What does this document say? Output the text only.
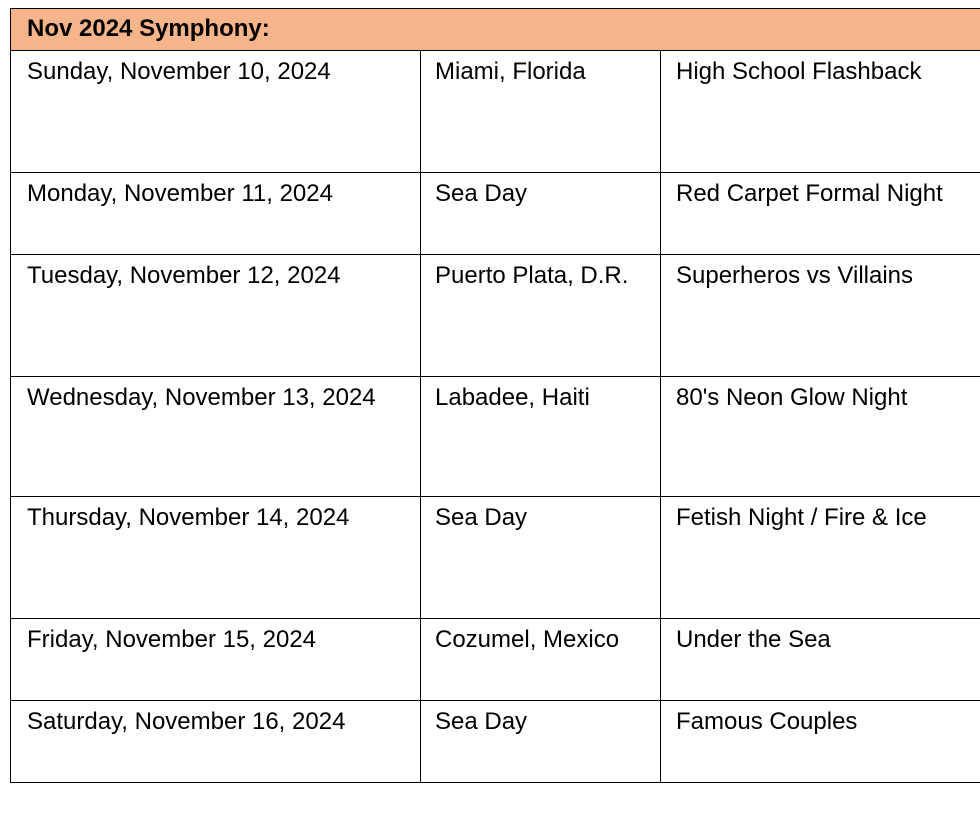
Nov 2024 Symphony:		
Sunday, November 10, 2024	Miami, Florida	High School Flashback
Monday, November 11, 2024	Sea Day	Red Carpet Formal Night
Tuesday, November 12, 2024	Puerto Plata, D.R.	Superheros vs Villains
Wednesday, November 13, 2024	Labadee, Haiti	80's Neon Glow Night
Thursday, November 14, 2024	Sea Day	Fetish Night / Fire & Ice
Friday, November 15, 2024	Cozumel, Mexico	Under the Sea
Saturday, November 16, 2024	Sea Day	Famous Couples
